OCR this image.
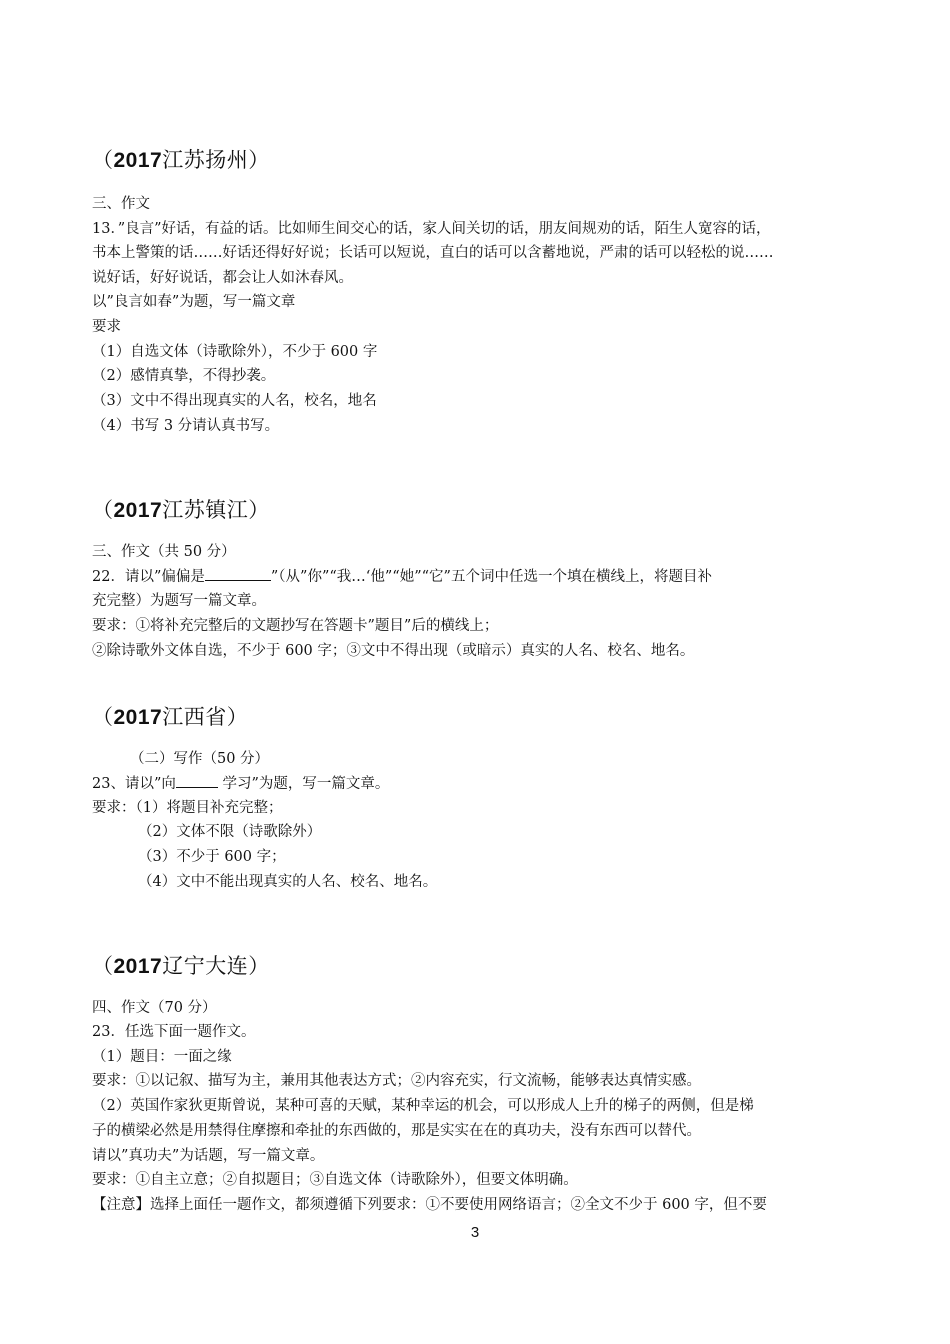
（2017江苏扬州）
三、作文
13．”良言”好话，有益的话。比如师生间交心的话，家人间关切的话，朋友间规劝的话，陌生人宽容的话，
书本上警策的话……好话还得好好说；长话可以短说，直白的话可以含蓄地说，严肃的话可以轻松的说……
说好话，好好说话，都会让人如沐春风。
以”良言如春”为题，写一篇文章
要求
（1）自选文体（诗歌除外），不少于 600 字
（2）感情真挚，不得抄袭。
（3）文中不得出现真实的人名，校名，地名
（4）书写 3 分请认真书写。
（2017江苏镇江）
三、作文（共 50 分）
22．请以”偏偏是	”（从”你”“我…‘他”“她”“它”五个词中任选一个填在横线上，将题目补
充完整）为题写一篇文章。
要求：①将补充完整后的文题抄写在答题卡”题目”后的横线上；
②除诗歌外文体自选，不少于 600 字；③文中不得出现（或暗示）真实的人名、校名、地名。
（2017江西省）
（二）写作（50 分）
23、请以”向	学习”为题，写一篇文章。
要求：（1）将题目补充完整；
（2）文体不限（诗歌除外）
（3）不少于 600 字；
（4）文中不能出现真实的人名、校名、地名。
（2017辽宁大连）
四、作文（70 分）
23．任选下面一题作文。
（1）题目：一面之缘
要求：①以记叙、描写为主，兼用其他表达方式；②内容充实，行文流畅，能够表达真情实感。
（2）英国作家狄更斯曾说，某种可喜的天赋，某种幸运的机会，可以形成人上升的梯子的两侧，但是梯
子的横梁必然是用禁得住摩擦和牵扯的东西做的，那是实实在在的真功夫，没有东西可以替代。
请以”真功夫”为话题，写一篇文章。
要求：①自主立意；②自拟题目；③自选文体（诗歌除外），但要文体明确。
【注意】选择上面任一题作文，都须遵循下列要求：①不要使用网络语言；②全文不少于 600 字，但不要
3
